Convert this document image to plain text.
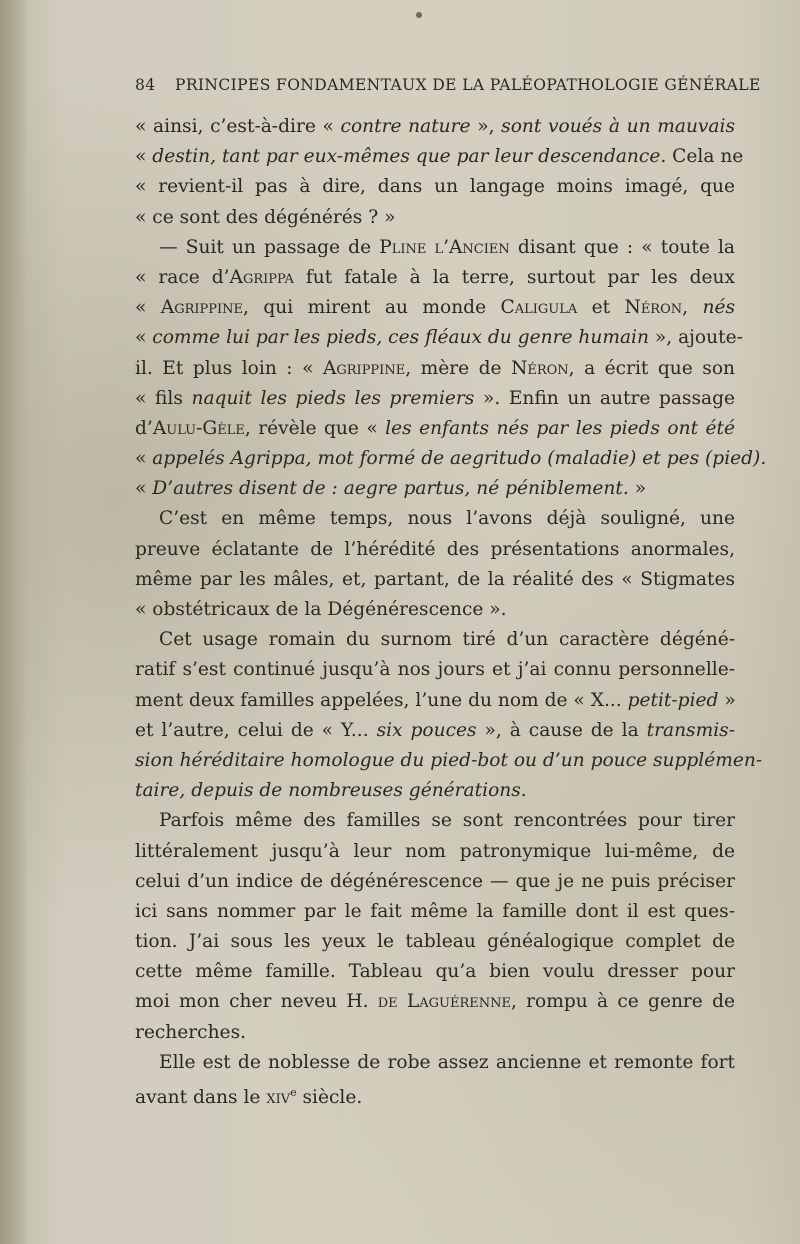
84 PRINCIPES FONDAMENTAUX DE LA PALÉOPATHOLOGIE GÉNÉRALE
« ainsi, c’est-à-dire « contre nature », sont voués à un mauvais
« destin, tant par eux-mêmes que par leur descendance. Cela ne
« revient-il pas à dire, dans un langage moins imagé, que
« ce sont des dégénérés ? »
— Suit un passage de Pline l’Ancien disant que : « toute la
« race d’Agrippa fut fatale à la terre, surtout par les deux
« Agrippine, qui mirent au monde Caligula et Néron, nés
« comme lui par les pieds, ces fléaux du genre humain », ajoute-
il. Et plus loin : « Agrippine, mère de Néron, a écrit que son
« fils naquit les pieds les premiers ». Enfin un autre passage
d’Aulu-Gèle, révèle que « les enfants nés par les pieds ont été
« appelés Agrippa, mot formé de aegritudo (maladie) et pes (pied).
« D’autres disent de : aegre partus, né péniblement. »
C’est en même temps, nous l’avons déjà souligné, une
preuve éclatante de l’hérédité des présentations anormales,
même par les mâles, et, partant, de la réalité des « Stigmates
« obstétricaux de la Dégénérescence ».
Cet usage romain du surnom tiré d’un caractère dégéné-
ratif s’est continué jusqu’à nos jours et j’ai connu personnelle-
ment deux familles appelées, l’une du nom de « X... petit-pied »
et l’autre, celui de « Y... six pouces », à cause de la transmis-
sion héréditaire homologue du pied-bot ou d’un pouce supplémen-
taire, depuis de nombreuses générations.
Parfois même des familles se sont rencontrées pour tirer
littéralement jusqu’à leur nom patronymique lui-même, de
celui d’un indice de dégénérescence — que je ne puis préciser
ici sans nommer par le fait même la famille dont il est ques-
tion. J’ai sous les yeux le tableau généalogique complet de
cette même famille. Tableau qu’a bien voulu dresser pour
moi mon cher neveu H. de Laguérenne, rompu à ce genre de
recherches.
Elle est de noblesse de robe assez ancienne et remonte fort
avant dans le xiv$^e$ siècle.
